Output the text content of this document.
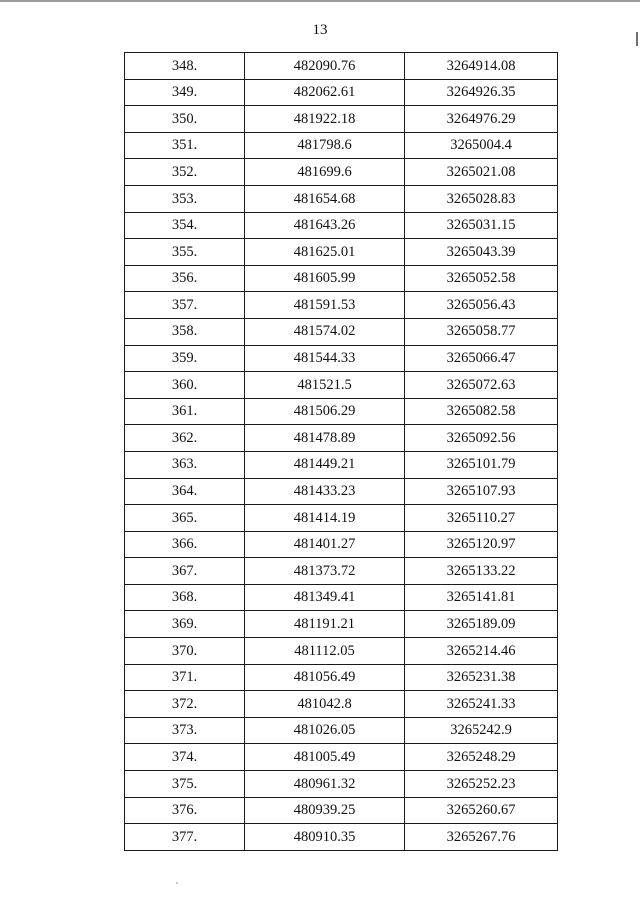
13
348.	482090.76	3264914.08
349.	482062.61	3264926.35
350.	481922.18	3264976.29
351.	481798.6	3265004.4
352.	481699.6	3265021.08
353.	481654.68	3265028.83
354.	481643.26	3265031.15
355.	481625.01	3265043.39
356.	481605.99	3265052.58
357.	481591.53	3265056.43
358.	481574.02	3265058.77
359.	481544.33	3265066.47
360.	481521.5	3265072.63
361.	481506.29	3265082.58
362.	481478.89	3265092.56
363.	481449.21	3265101.79
364.	481433.23	3265107.93
365.	481414.19	3265110.27
366.	481401.27	3265120.97
367.	481373.72	3265133.22
368.	481349.41	3265141.81
369.	481191.21	3265189.09
370.	481112.05	3265214.46
371.	481056.49	3265231.38
372.	481042.8	3265241.33
373.	481026.05	3265242.9
374.	481005.49	3265248.29
375.	480961.32	3265252.23
376.	480939.25	3265260.67
377.	480910.35	3265267.76
